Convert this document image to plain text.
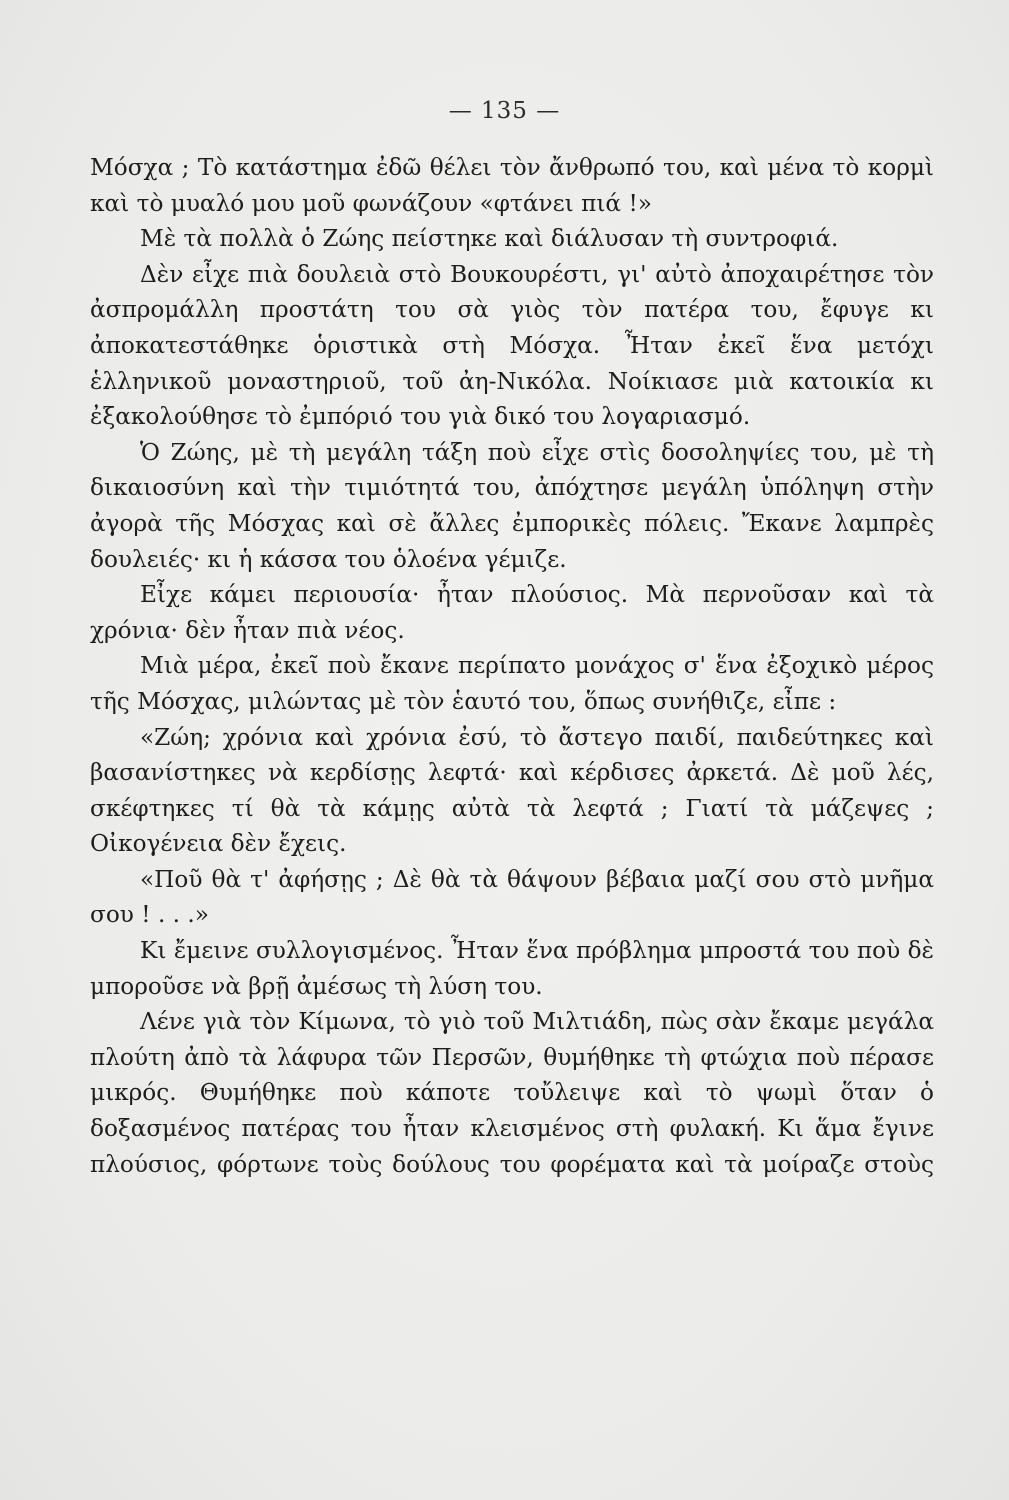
— 135 —

Μόσχα ; Τὸ κατάστημα ἐδῶ θέλει τὸν ἄνθρωπό του, καὶ μένα τὸ κορμὶ καὶ τὸ μυαλό μου μοῦ φωνάζουν «φτάνει πιά !»

Μὲ τὰ πολλὰ ὁ Ζώης πείστηκε καὶ διάλυσαν τὴ συντροφιά.

Δὲν εἶχε πιὰ δουλειὰ στὸ Βουκουρέστι, γι' αὐτὸ ἀποχαιρέτησε τὸν ἀσπρομάλλη προστάτη του σὰ γιὸς τὸν πατέρα του, ἔφυγε κι ἀποκατεστάθηκε ὁριστικὰ στὴ Μόσχα. Ἦταν ἐκεῖ ἕνα μετόχι ἑλληνικοῦ μοναστηριοῦ, τοῦ ἀη-Νικόλα. Νοίκιασε μιὰ κατοικία κι ἐξακολούθησε τὸ ἐμπόριό του γιὰ δικό του λογαριασμό.

Ὁ Ζώης, μὲ τὴ μεγάλη τάξη ποὺ εἶχε στὶς δοσοληψίες του, μὲ τὴ δικαιοσύνη καὶ τὴν τιμιότητά του, ἀπόχτησε μεγάλη ὑπόληψη στὴν ἀγορὰ τῆς Μόσχας καὶ σὲ ἄλλες ἐμπορικὲς πόλεις. Ἔκανε λαμπρὲς δουλειές· κι ἡ κάσσα του ὁλοένα γέμιζε.

Εἶχε κάμει περιουσία· ἦταν πλούσιος. Μὰ περνοῦσαν καὶ τὰ χρόνια· δὲν ἦταν πιὰ νέος.

Μιὰ μέρα, ἐκεῖ ποὺ ἔκανε περίπατο μονάχος σ' ἕνα ἐξοχικὸ μέρος τῆς Μόσχας, μιλώντας μὲ τὸν ἑαυτό του, ὅπως συνήθιζε, εἶπε :

«Ζώη; χρόνια καὶ χρόνια ἐσύ, τὸ ἄστεγο παιδί, παιδεύτηκες καὶ βασανίστηκες νὰ κερδίσῃς λεφτά· καὶ κέρδισες ἀρκετά. Δὲ μοῦ λές, σκέφτηκες τί θὰ τὰ κάμῃς αὐτὰ τὰ λεφτά ; Γιατί τὰ μάζεψες ; Οἰκογένεια δὲν ἔχεις.

«Ποῦ θὰ τ' ἀφήσῃς ; Δὲ θὰ τὰ θάψουν βέβαια μαζί σου στὸ μνῆμα σου ! . . .»

Κι ἔμεινε συλλογισμένος. Ἦταν ἕνα πρόβλημα μπροστά του ποὺ δὲ μποροῦσε νὰ βρῇ ἀμέσως τὴ λύση του.

Λένε γιὰ τὸν Κίμωνα, τὸ γιὸ τοῦ Μιλτιάδη, πὼς σὰν ἔκαμε μεγάλα πλούτη ἀπὸ τὰ λάφυρα τῶν Περσῶν, θυμήθηκε τὴ φτώχια ποὺ πέρασε μικρός. Θυμήθηκε ποὺ κάποτε τοὔλειψε καὶ τὸ ψωμὶ ὅταν ὁ δοξασμένος πατέρας του ἦταν κλεισμένος στὴ φυλακή. Κι ἅμα ἔγινε πλούσιος, φόρτωνε τοὺς δούλους του φορέματα καὶ τὰ μοίραζε στοὺς
